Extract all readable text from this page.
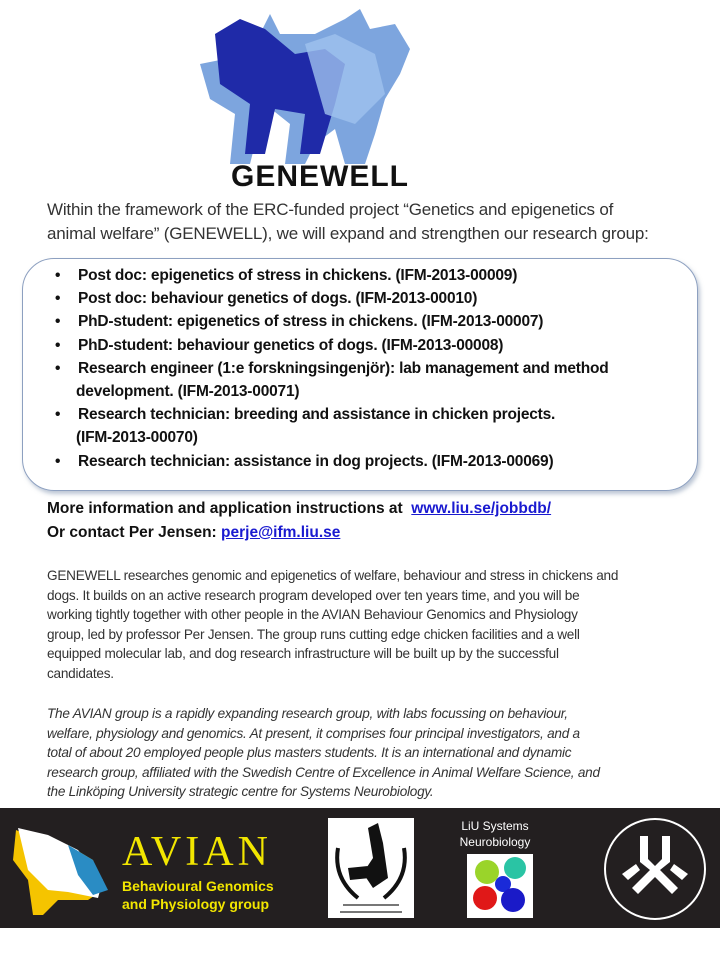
GENEWELL
Within the framework of the ERC-funded project “Genetics and epigenetics of
animal welfare” (GENEWELL), we will expand and strengthen our research group:
• Post doc: epigenetics of stress in chickens. (IFM-2013-00009)
• Post doc: behaviour genetics of dogs. (IFM-2013-00010)
• PhD-student: epigenetics of stress in chickens. (IFM-2013-00007)
• PhD-student: behaviour genetics of dogs. (IFM-2013-00008)
• Research engineer (1:e forskningsingenjör): lab management and method
development. (IFM-2013-00071)
• Research technician: breeding and assistance in chicken projects.
(IFM-2013-00070)
• Research technician: assistance in dog projects. (IFM-2013-00069)
More information and application instructions at www.liu.se/jobbdb/
Or contact Per Jensen: perje@ifm.liu.se
GENEWELL researches genomic and epigenetics of welfare, behaviour and stress in chickens and
dogs. It builds on an active research program developed over ten years time, and you will be
working tightly together with other people in the AVIAN Behaviour Genomics and Physiology
group, led by professor Per Jensen. The group runs cutting edge chicken facilities and a well
equipped molecular lab, and dog research infrastructure will be built up by the successful
candidates.
The AVIAN group is a rapidly expanding research group, with labs focussing on behaviour,
welfare, physiology and genomics. At present, it comprises four principal investigators, and a
total of about 20 employed people plus masters students. It is an international and dynamic
research group, affiliated with the Swedish Centre of Excellence in Animal Welfare Science, and
the Linköping University strategic centre for Systems Neurobiology.
AVIAN
Behavioural Genomics
and Physiology group
LiU Systems
Neurobiology
